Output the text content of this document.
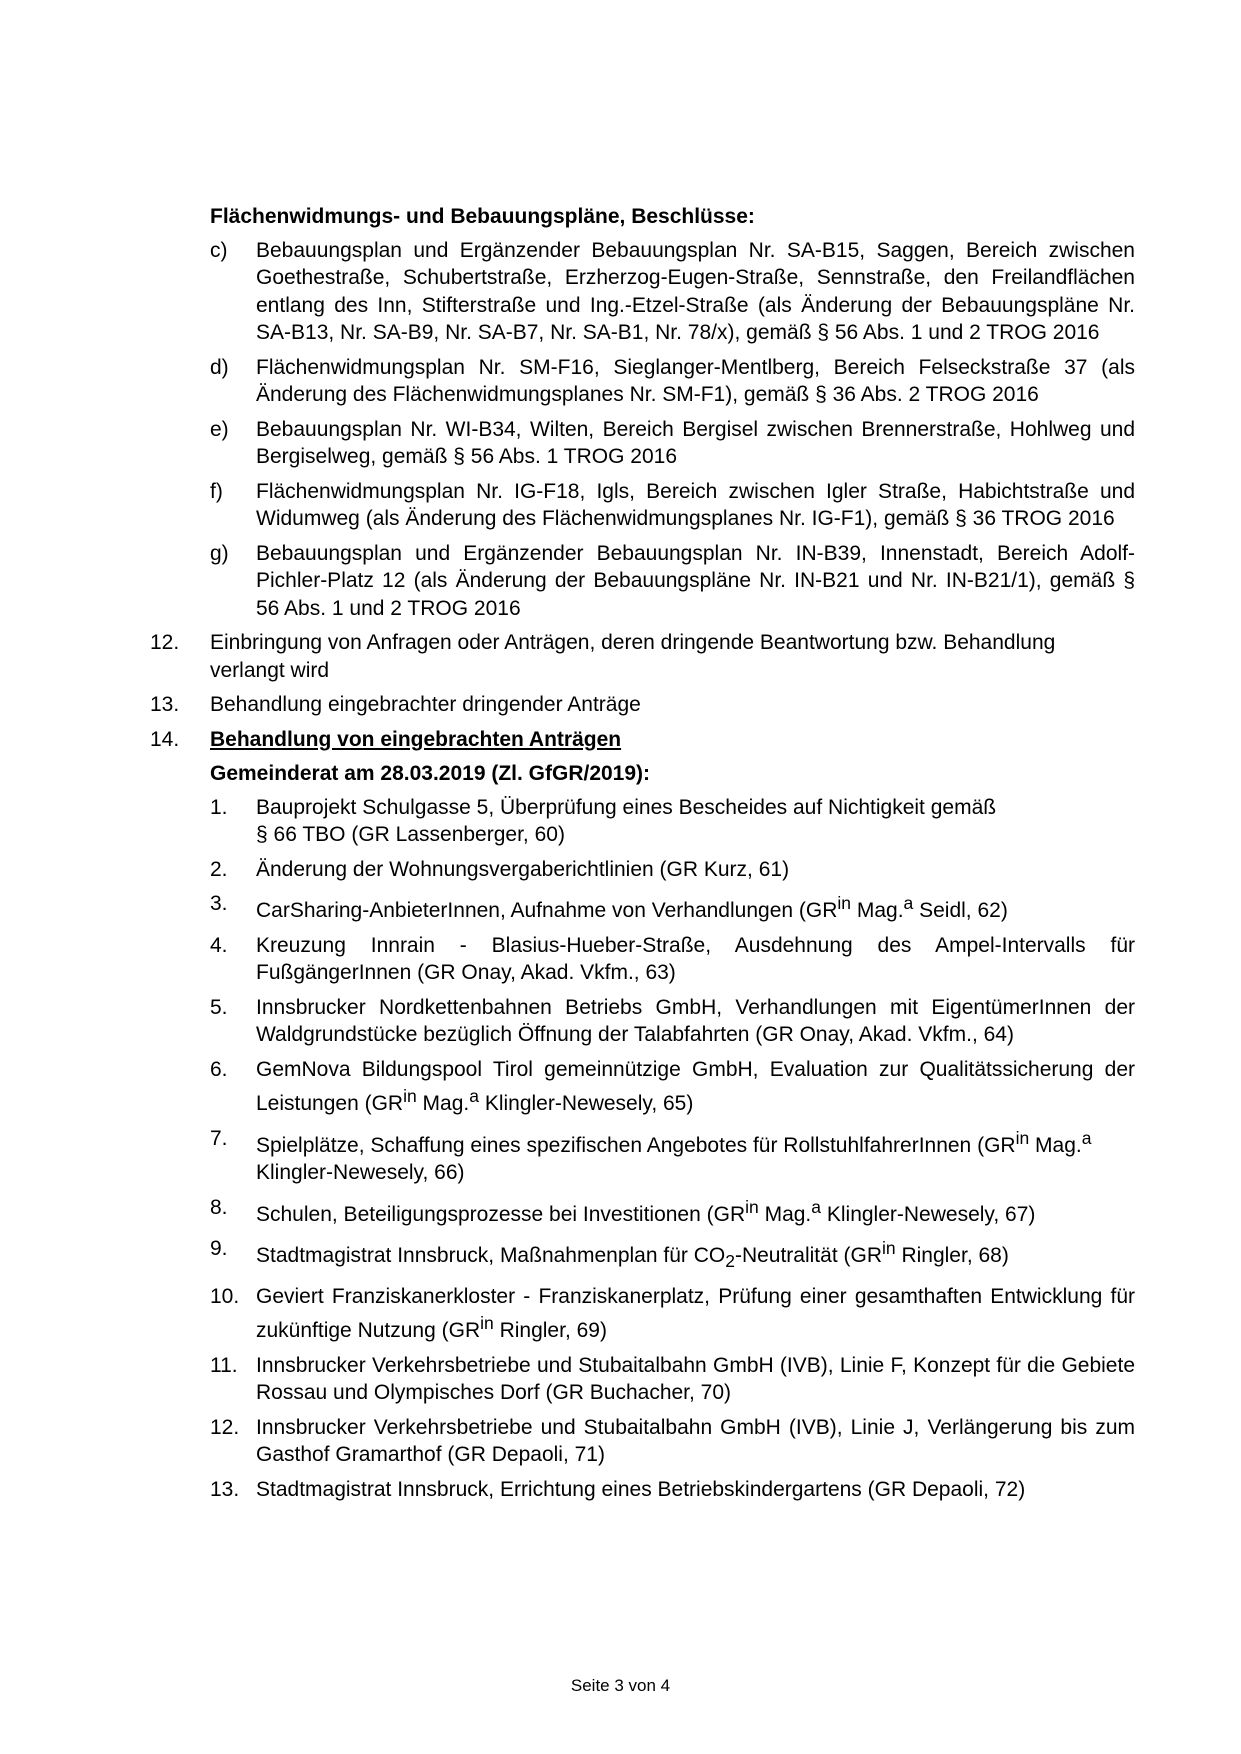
Flächenwidmungs- und Bebauungspläne, Beschlüsse:
c)	Bebauungsplan und Ergänzender Bebauungsplan Nr. SA-B15, Saggen, Bereich zwischen Goethestraße, Schubertstraße, Erzherzog-Eugen-Straße, Sennstraße, den Freilandflächen entlang des Inn, Stifterstraße und Ing.-Etzel-Straße (als Änderung der Bebauungspläne Nr. SA-B13, Nr. SA-B9, Nr. SA-B7, Nr. SA-B1, Nr. 78/x), gemäß § 56 Abs. 1 und 2 TROG 2016
d)	Flächenwidmungsplan Nr. SM-F16, Sieglanger-Mentlberg, Bereich Felseckstraße 37 (als Änderung des Flächenwidmungsplanes Nr. SM-F1), gemäß § 36 Abs. 2 TROG 2016
e)	Bebauungsplan Nr. WI-B34, Wilten, Bereich Bergisel zwischen Brennerstraße, Hohlweg und Bergiselweg, gemäß § 56 Abs. 1 TROG 2016
f)	Flächenwidmungsplan Nr. IG-F18, Igls, Bereich zwischen Igler Straße, Habichtstraße und Widumweg (als Änderung des Flächenwidmungsplanes Nr. IG-F1), gemäß § 36 TROG 2016
g)	Bebauungsplan und Ergänzender Bebauungsplan Nr. IN-B39, Innenstadt, Bereich Adolf-Pichler-Platz 12 (als Änderung der Bebauungspläne Nr. IN-B21 und Nr. IN-B21/1), gemäß § 56 Abs. 1 und 2 TROG 2016
12.	Einbringung von Anfragen oder Anträgen, deren dringende Beantwortung bzw. Behandlung verlangt wird
13.	Behandlung eingebrachter dringender Anträge
14.	Behandlung von eingebrachten Anträgen
Gemeinderat am 28.03.2019 (Zl. GfGR/2019):
1.	Bauprojekt Schulgasse 5, Überprüfung eines Bescheides auf Nichtigkeit gemäß
§ 66 TBO (GR Lassenberger, 60)
2.	Änderung der Wohnungsvergaberichtlinien (GR Kurz, 61)
3.	CarSharing-AnbieterInnen, Aufnahme von Verhandlungen ($GR^{in}$ Mag.$^a$ Seidl, 62)
4.	Kreuzung Innrain - Blasius-Hueber-Straße, Ausdehnung des Ampel-Intervalls für FußgängerInnen (GR Onay, Akad. Vkfm., 63)
5.	Innsbrucker Nordkettenbahnen Betriebs GmbH, Verhandlungen mit EigentümerInnen der Waldgrundstücke bezüglich Öffnung der Talabfahrten (GR Onay, Akad. Vkfm., 64)
6.	GemNova Bildungspool Tirol gemeinnützige GmbH, Evaluation zur Qualitätssicherung der Leistungen ($GR^{in}$ Mag.$^a$ Klingler-Newesely, 65)
7.	Spielplätze, Schaffung eines spezifischen Angebotes für RollstuhlfahrerInnen ($GR^{in}$ Mag.$^a$ Klingler-Newesely, 66)
8.	Schulen, Beteiligungsprozesse bei Investitionen ($GR^{in}$ Mag.$^a$ Klingler-Newesely, 67)
9.	Stadtmagistrat Innsbruck, Maßnahmenplan für $CO_2$-Neutralität ($GR^{in}$ Ringler, 68)
10. Geviert Franziskanerkloster - Franziskanerplatz, Prüfung einer gesamthaften Entwicklung für zukünftige Nutzung ($GR^{in}$ Ringler, 69)
11. Innsbrucker Verkehrsbetriebe und Stubaitalbahn GmbH (IVB), Linie F, Konzept für die Gebiete Rossau und Olympisches Dorf (GR Buchacher, 70)
12. Innsbrucker Verkehrsbetriebe und Stubaitalbahn GmbH (IVB), Linie J, Verlängerung bis zum Gasthof Gramarthof (GR Depaoli, 71)
13. Stadtmagistrat Innsbruck, Errichtung eines Betriebskindergartens (GR Depaoli, 72)
Seite 3 von 4
